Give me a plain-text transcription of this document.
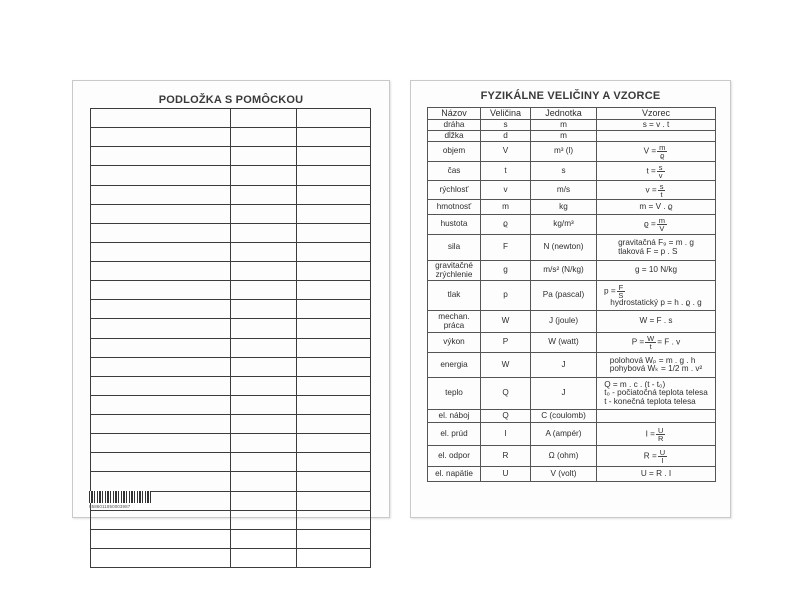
PODLOŽKA S POMÔCKOU

8586011850003987
FYZIKÁLNE VELIČINY A VZORCE
Názov	Veličina	Jednotka	Vzorec
dráha	s	m	s = v . t
dĺžka	d	m	
objem	V	m³ (l)	$V = \frac{m}{ϱ}$

čas	t	s	$t = \frac{s}{v}$

rýchlosť	v	m/s	$v = \frac{s}{t}$

hmotnosť	m	kg	m = V . ϱ
hustota	ϱ	kg/m³	$ϱ = \frac{m}{V}$

sila	F	N (newton)	gravitačná F₉ = m . g
tlaková F = p . S

gravitačné
zrýchlenie	g	m/s² (N/kg)	g = 10 N/kg
tlak	p	Pa (pascal)	$p = \frac{F}{S}$
hydrostatický p = h . ϱ . g

mechan.
práca	W	J (joule)	W = F . s
výkon	P	W (watt)	$P = \frac{W}{t} = F$ . v

energia	W	J	polohová Wₚ = m . g . h
pohybová Wₖ = 1/2 m . v²

teplo	Q	J	Q = m . c . (t - t₀)
t₀ - počiatočná teplota telesa
t - konečná teplota telesa

el. náboj	Q	C (coulomb)	
el. prúd	I	A (ampér)	$I = \frac{U}{R}$

el. odpor	R	Ω (ohm)	$R = \frac{U}{I}$

el. napätie	U	V (volt)	U = R . I
